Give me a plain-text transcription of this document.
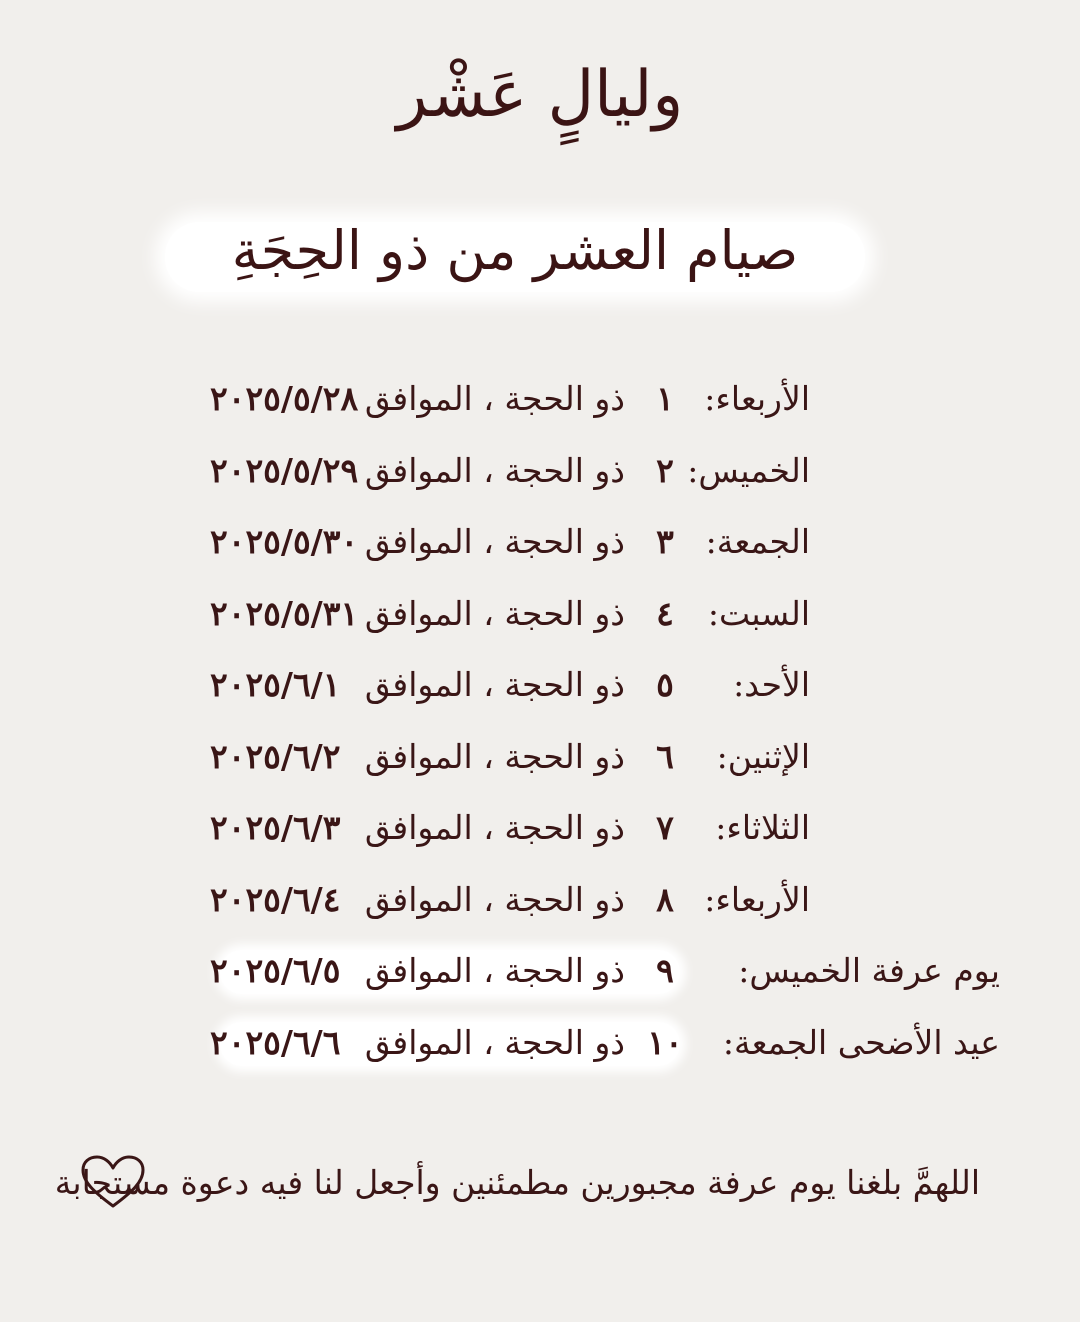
وليالٍ عَشْر
صيام العشر من ذو الحِجَةِ
الأربعاء:
١
ذو الحجة ، الموافق
٢٠٢٥/٥/٢٨
الخميس:
٢
ذو الحجة ، الموافق
٢٠٢٥/٥/٢٩
الجمعة:
٣
ذو الحجة ، الموافق
٢٠٢٥/٥/٣٠
السبت:
٤
ذو الحجة ، الموافق
٢٠٢٥/٥/٣١
الأحد:
٥
ذو الحجة ، الموافق
٢٠٢٥/٦/١
الإثنين:
٦
ذو الحجة ، الموافق
٢٠٢٥/٦/٢
الثلاثاء:
٧
ذو الحجة ، الموافق
٢٠٢٥/٦/٣
الأربعاء:
٨
ذو الحجة ، الموافق
٢٠٢٥/٦/٤
يوم عرفة الخميس:
٩
ذو الحجة ، الموافق
٢٠٢٥/٦/٥
عيد الأضحى الجمعة:
١٠
ذو الحجة ، الموافق
٢٠٢٥/٦/٦
اللهمَّ بلغنا يوم عرفة مجبورين مطمئنين وأجعل لنا فيه دعوة مستجابة
